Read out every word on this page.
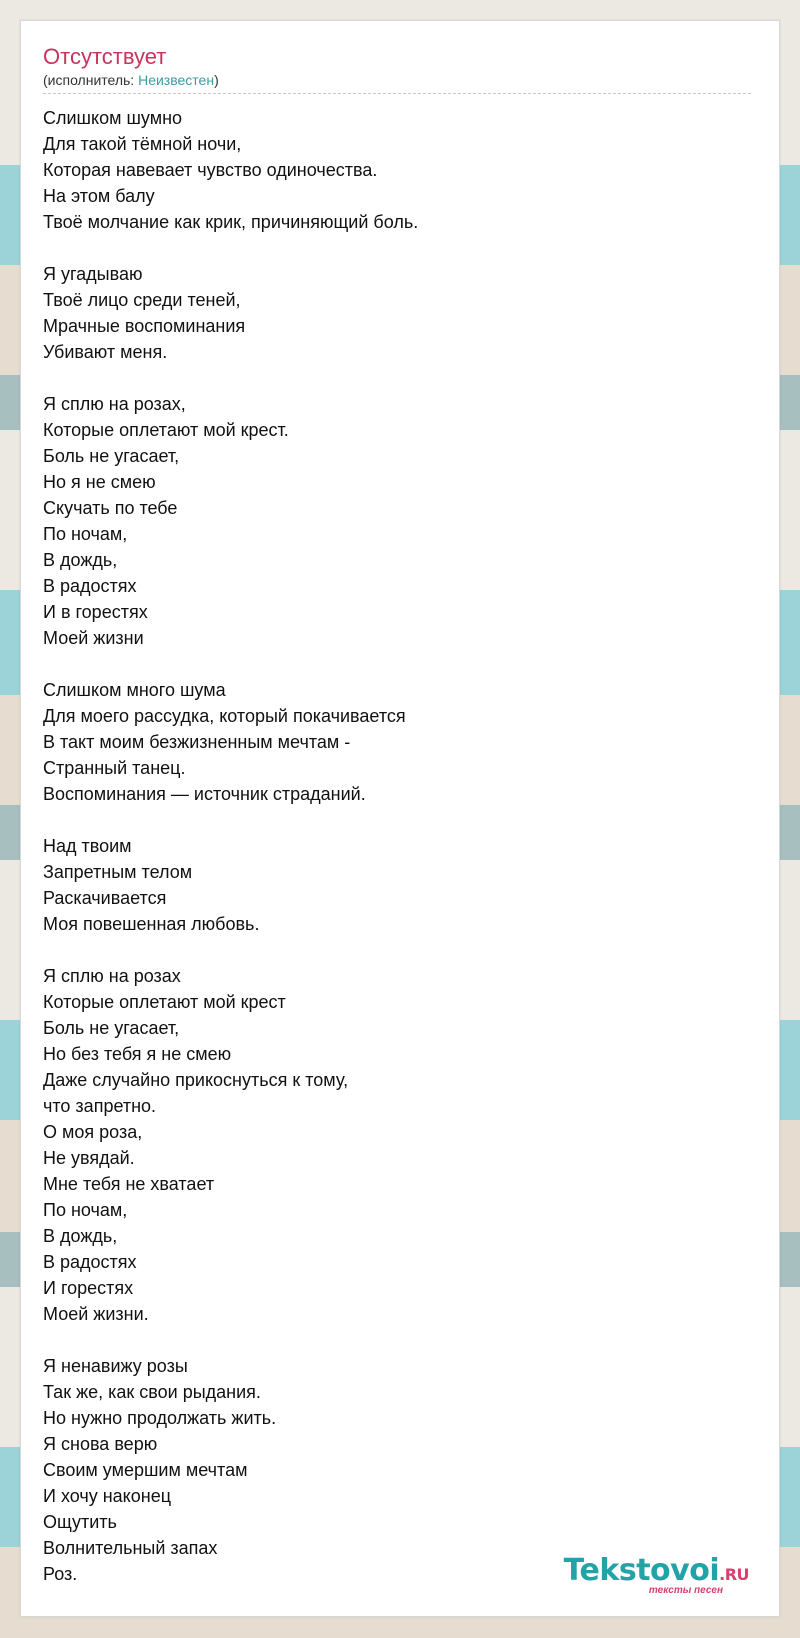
Отсутствует
(исполнитель: Неизвестен)
Слишком шумно
Для такой тёмной ночи,
Которая навевает чувство одиночества.
На этом балу
Твоё молчание как крик, причиняющий боль.
Я угадываю
Твоё лицо среди теней,
Мрачные воспоминания
Убивают меня.
Я сплю на розах,
Которые оплетают мой крест.
Боль не угасает,
Но я не смею
Скучать по тебе
По ночам,
В дождь,
В радостях
И в горестях
Моей жизни
Слишком много шума
Для моего рассудка, который покачивается
В такт моим безжизненным мечтам -
Странный танец.
Воспоминания — источник страданий.
Над твоим
Запретным телом
Раскачивается
Моя повешенная любовь.
Я сплю на розах
Которые оплетают мой крест
Боль не угасает,
Но без тебя я не смею
Даже случайно прикоснуться к тому,
что запретно.
О моя роза,
Не увядай.
Мне тебя не хватает
По ночам,
В дождь,
В радостях
И горестях
Моей жизни.
Я ненавижу розы
Так же, как свои рыдания.
Но нужно продолжать жить.
Я снова верю
Своим умершим мечтам
И хочу наконец
Ощутить
Волнительный запах
Роз.	Tekstovoi.RU
тексты песен
